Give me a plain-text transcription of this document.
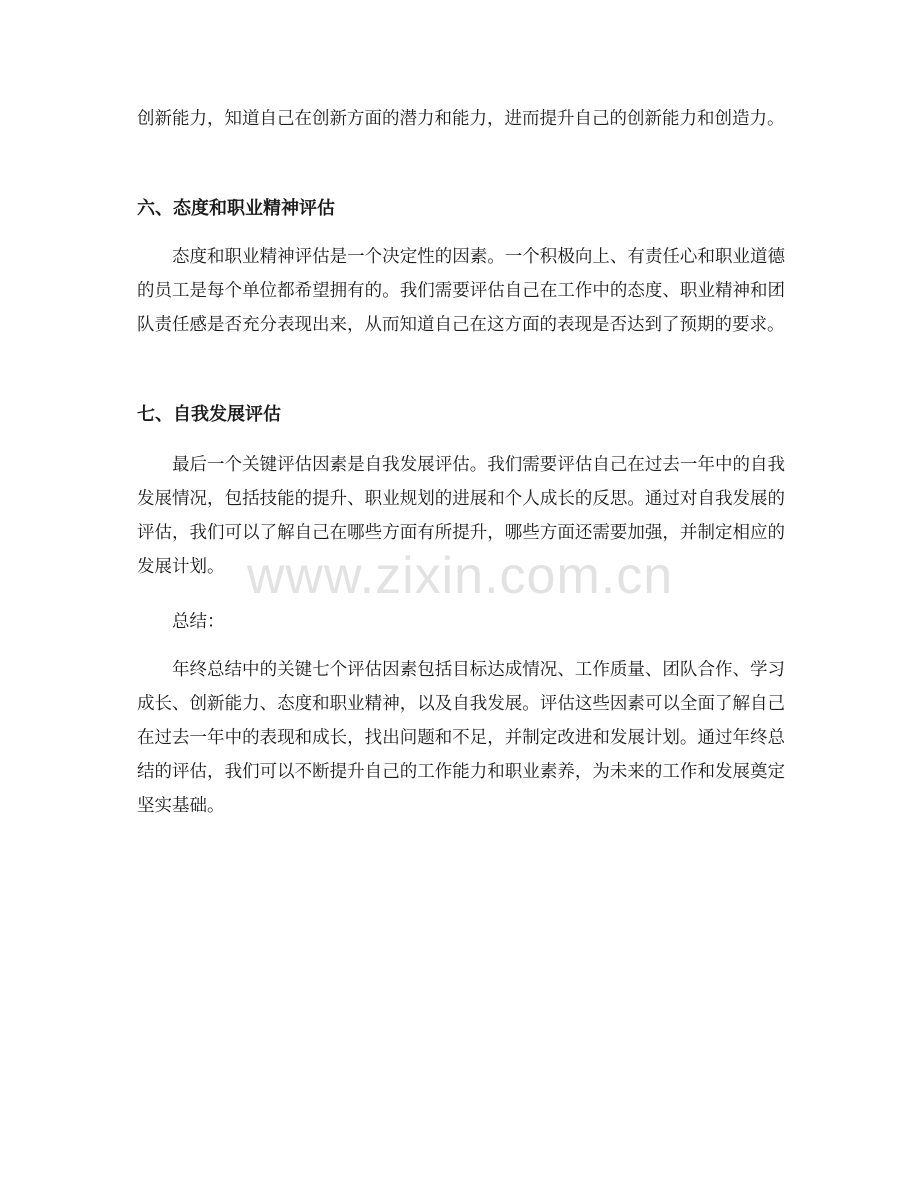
创新能力，知道自己在创新方面的潜力和能力，进而提升自己的创新能力和创造力。

六、态度和职业精神评估

态度和职业精神评估是一个决定性的因素。一个积极向上、有责任心和职业道德的员工是每个单位都希望拥有的。我们需要评估自己在工作中的态度、职业精神和团队责任感是否充分表现出来，从而知道自己在这方面的表现是否达到了预期的要求。

七、自我发展评估

最后一个关键评估因素是自我发展评估。我们需要评估自己在过去一年中的自我发展情况，包括技能的提升、职业规划的进展和个人成长的反思。通过对自我发展的评估，我们可以了解自己在哪些方面有所提升，哪些方面还需要加强，并制定相应的发展计划。

总结：

年终总结中的关键七个评估因素包括目标达成情况、工作质量、团队合作、学习成长、创新能力、态度和职业精神，以及自我发展。评估这些因素可以全面了解自己在过去一年中的表现和成长，找出问题和不足，并制定改进和发展计划。通过年终总结的评估，我们可以不断提升自己的工作能力和职业素养，为未来的工作和发展奠定坚实基础。

www.zixin.com.cn
